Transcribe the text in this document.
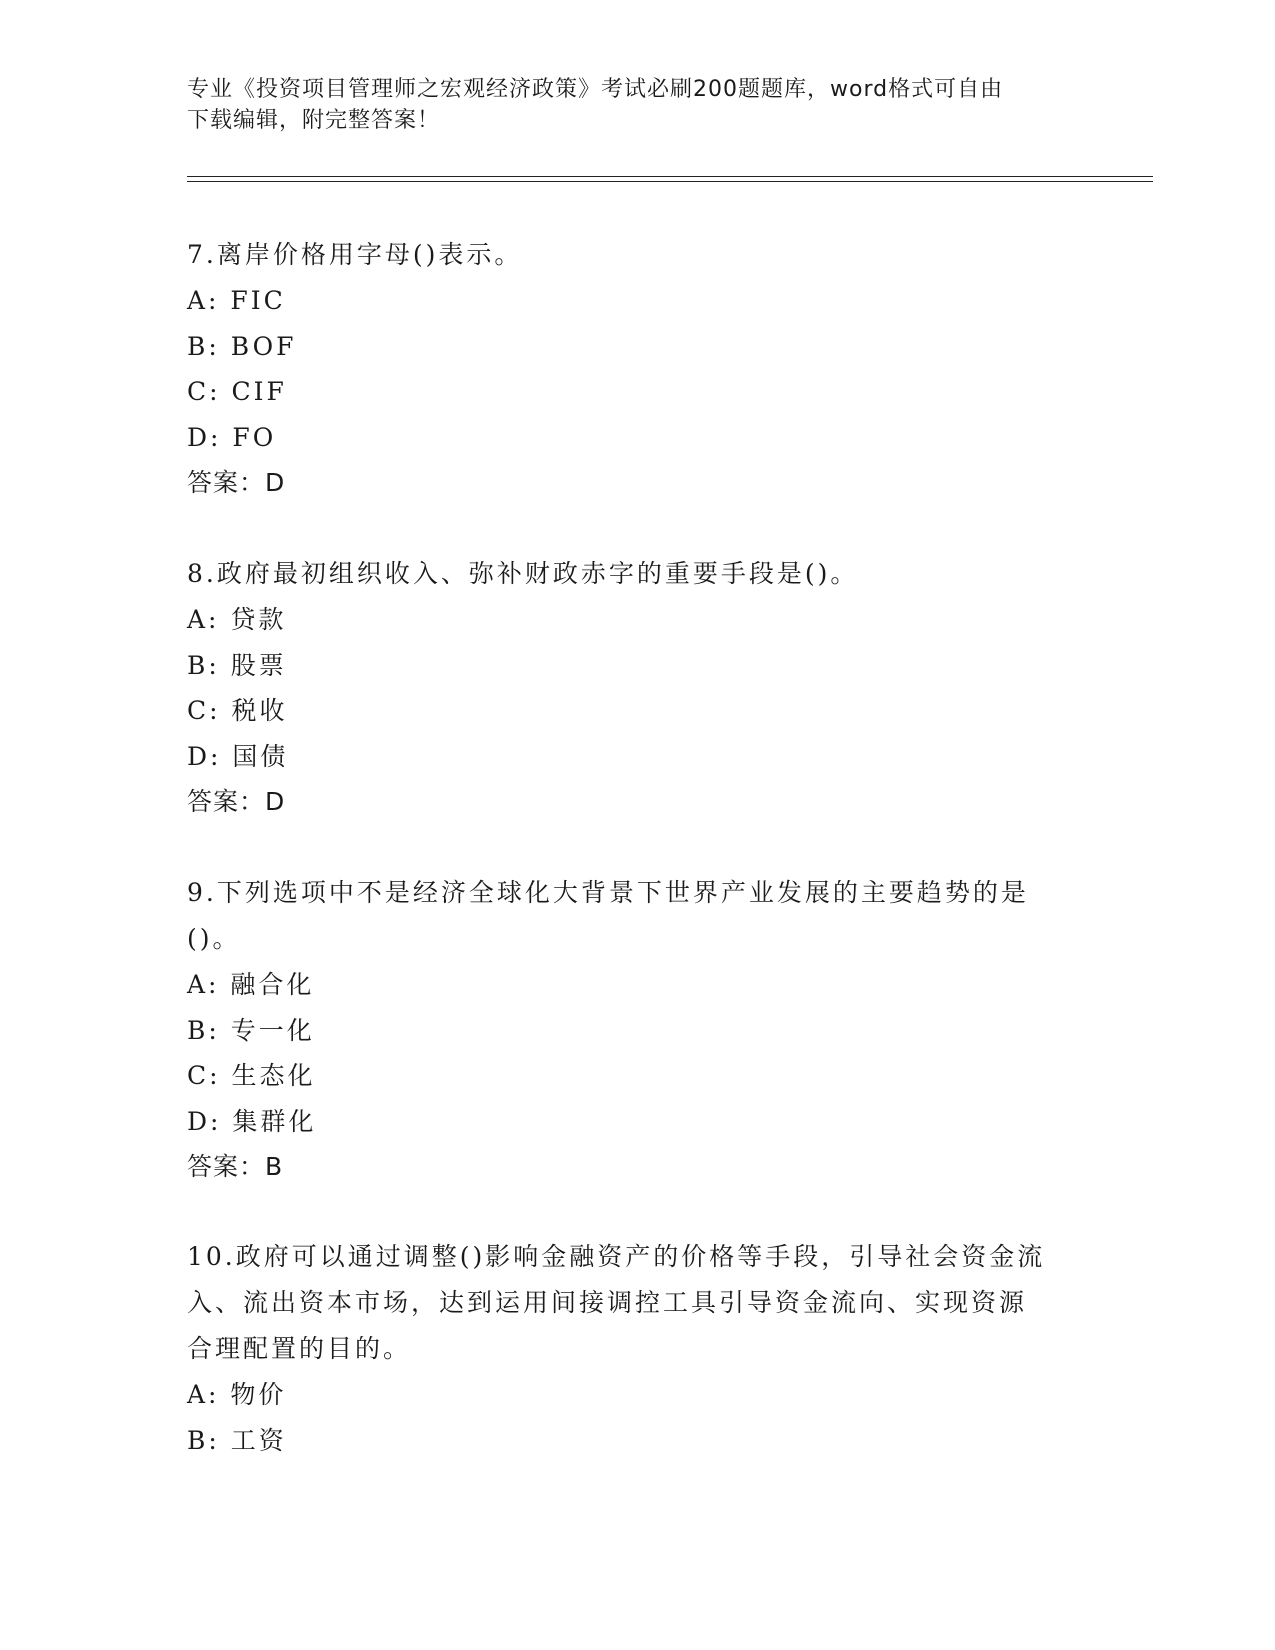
专业《投资项目管理师之宏观经济政策》考试必刷200题题库，word格式可自由
下载编辑，附完整答案！

7.离岸价格用字母()表示。

A: FIC

B: BOF

C: CIF

D: FO

答案：D

8.政府最初组织收入、弥补财政赤字的重要手段是()。

A: 贷款

B: 股票

C: 税收

D: 国债

答案：D

9.下列选项中不是经济全球化大背景下世界产业发展的主要趋势的是

()。

A: 融合化

B: 专一化

C: 生态化

D: 集群化

答案：B

10.政府可以通过调整()影响金融资产的价格等手段，引导社会资金流

入、流出资本市场，达到运用间接调控工具引导资金流向、实现资源

合理配置的目的。

A: 物价

B: 工资
